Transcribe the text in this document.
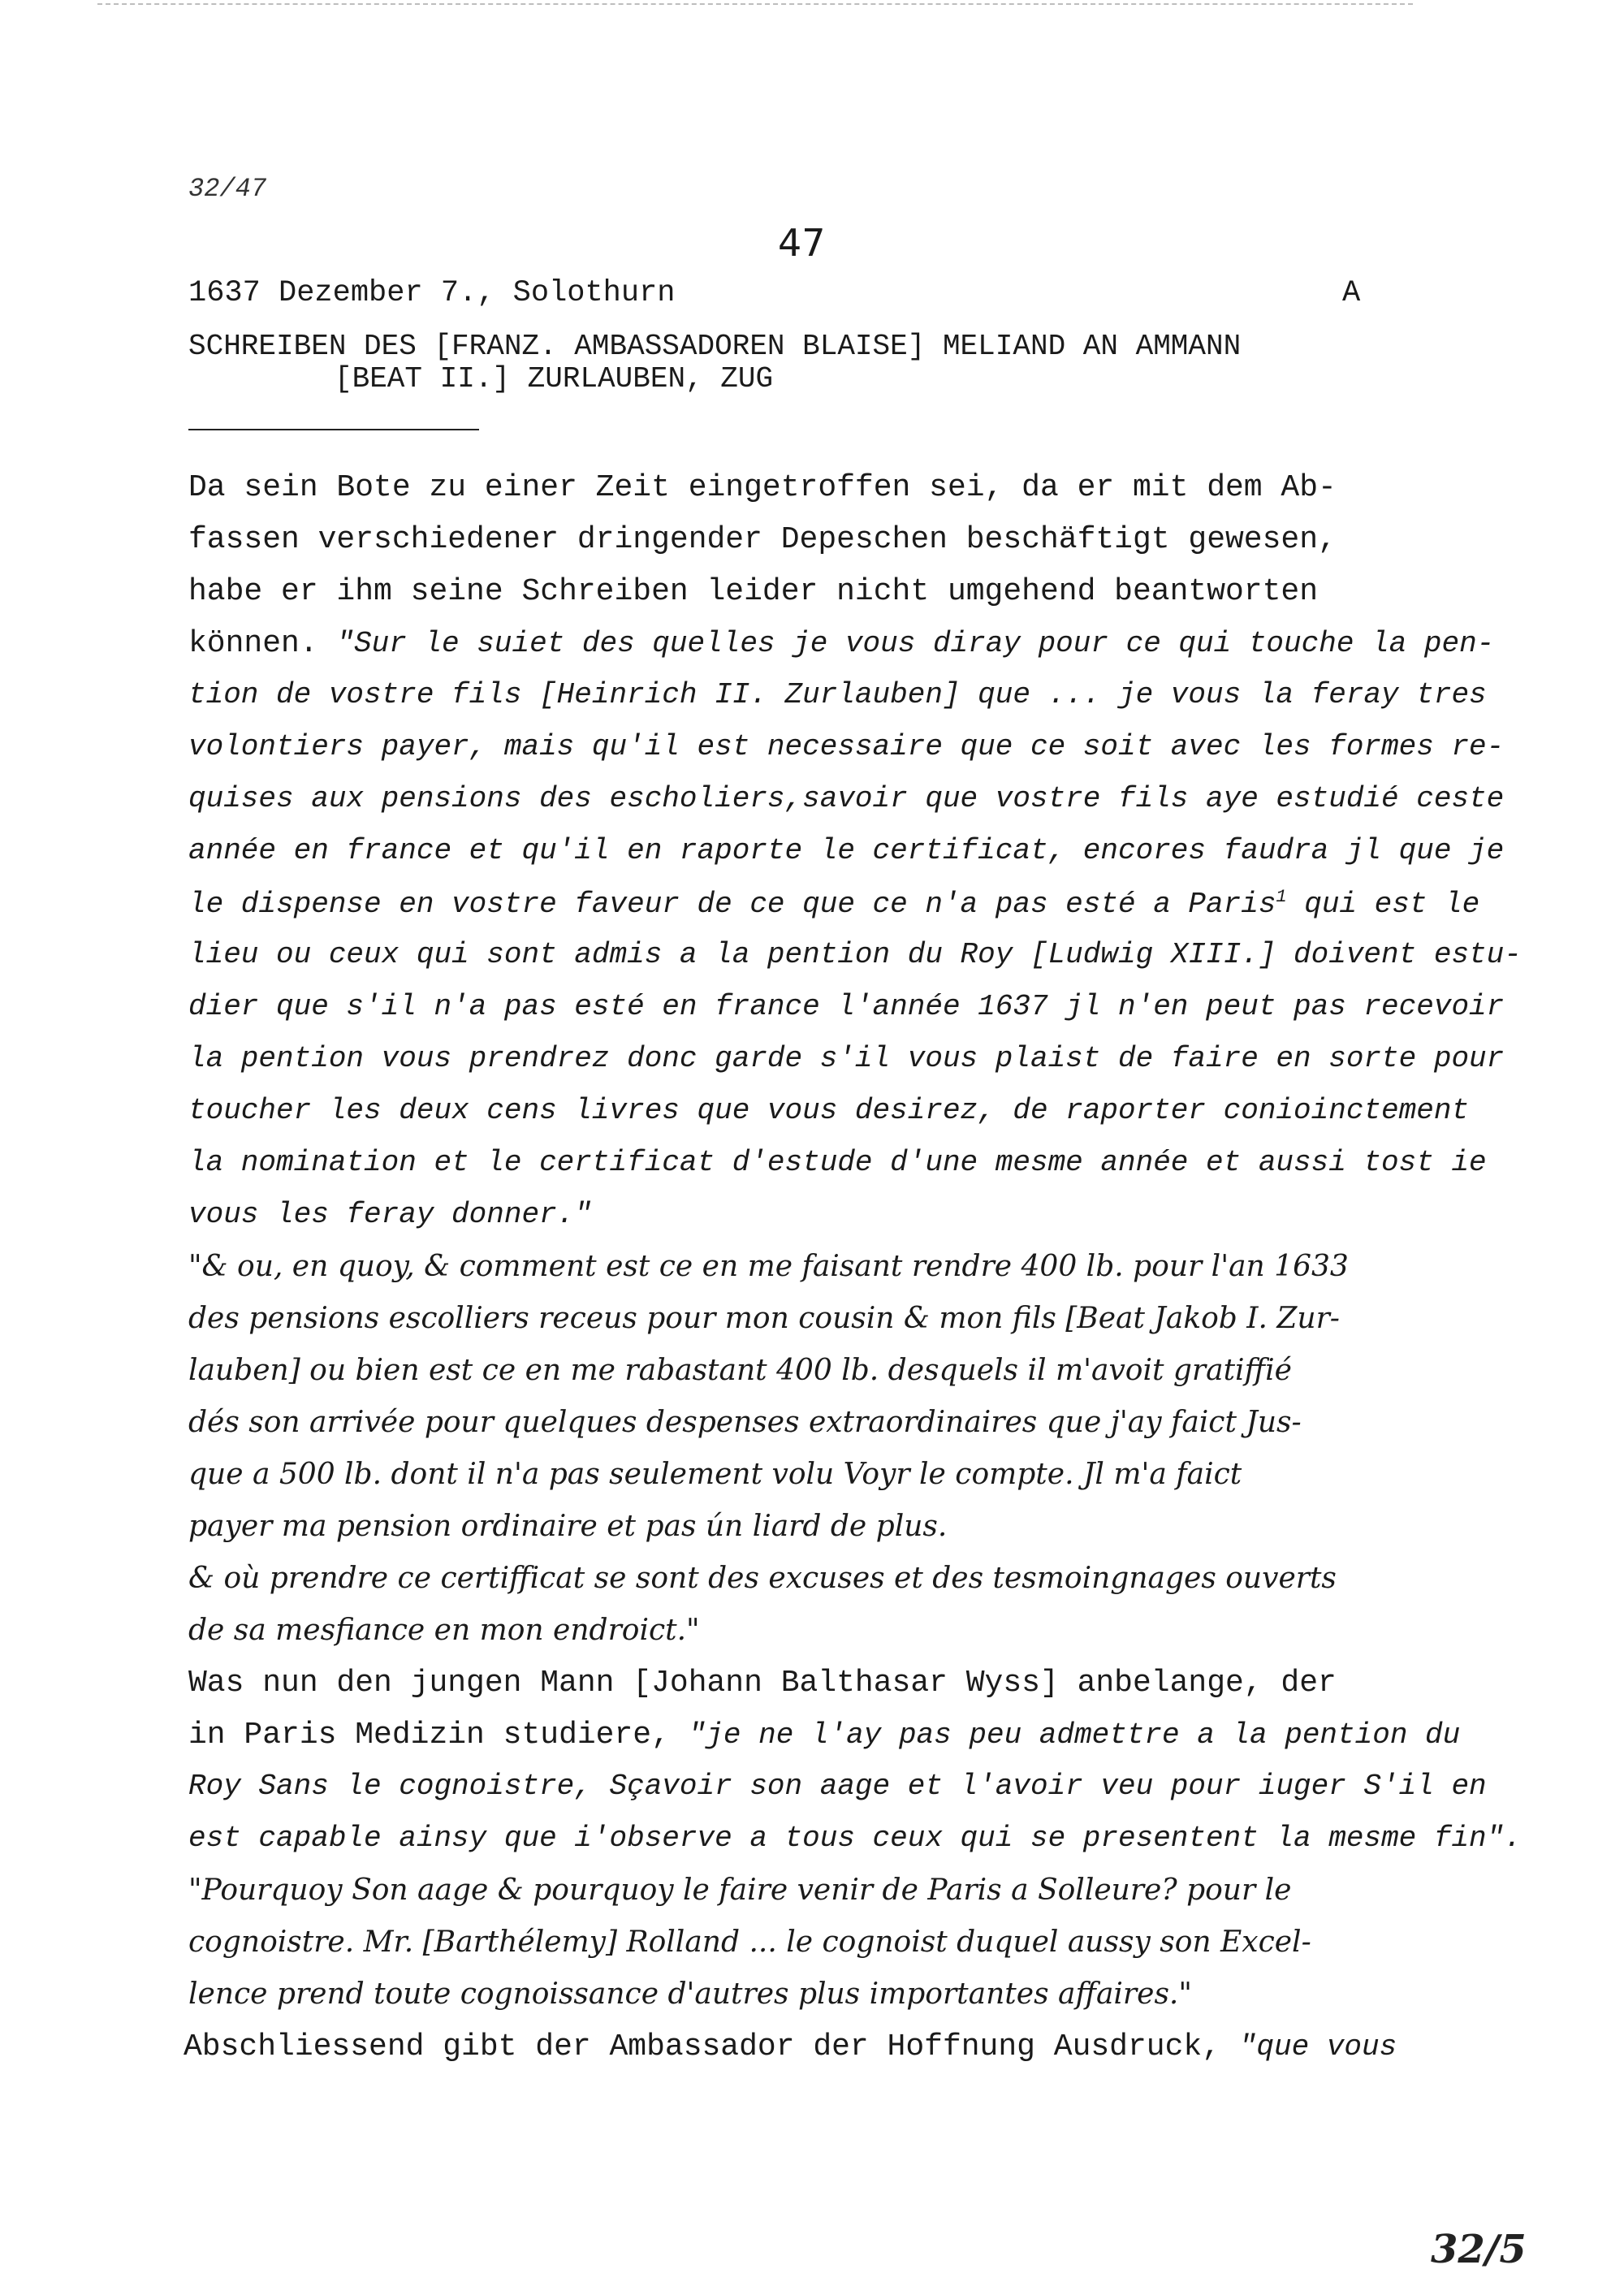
32/47
47
1637 Dezember 7., Solothurn	A
SCHREIBEN DES [FRANZ. AMBASSADOREN BLAISE] MELIAND AN AMMANN
[BEAT II.] ZURLAUBEN, ZUG
Da sein Bote zu einer Zeit eingetroffen sei, da er mit dem Ab-
fassen verschiedener dringender Depeschen beschäftigt gewesen,
habe er ihm seine Schreiben leider nicht umgehend beantworten
können. "Sur le suiet des quelles je vous diray pour ce qui touche la pen-
tion de vostre fils [Heinrich II. Zurlauben] que ... je vous la feray tres
volontiers payer, mais qu'il est necessaire que ce soit avec les formes re-
quises aux pensions des escholiers,savoir que vostre fils aye estudié ceste
année en france et qu'il en raporte le certificat, encores faudra jl que je
le dispense en vostre faveur de ce que ce n'a pas esté a Paris$^1$ qui est le
lieu ou ceux qui sont admis a la pention du Roy [Ludwig XIII.] doivent estu-
dier que s'il n'a pas esté en france l'année 1637 jl n'en peut pas recevoir
la pention vous prendrez donc garde s'il vous plaist de faire en sorte pour
toucher les deux cens livres que vous desirez, de raporter conioinctement
la nomination et le certificat d'estude d'une mesme année et aussi tost ie
vous les feray donner."
"& ou, en quoy, & comment est ce en me faisant rendre 400 lb. pour l'an 1633
des pensions escolliers receus pour mon cousin & mon fils [Beat Jakob I. Zur-
lauben] ou bien est ce en me rabastant 400 lb. desquels il m'avoit gratiffié
dés son arrivée pour quelques despenses extraordinaires que j'ay faict Jus-
que a 500 lb. dont il n'a pas seulement volu Voyr le compte. Jl m'a faict
payer ma pension ordinaire et pas ún liard de plus.
& où prendre ce certifficat se sont des excuses et des tesmoingnages ouverts
de sa mesfiance en mon endroict."
Was nun den jungen Mann [Johann Balthasar Wyss] anbelange, der
in Paris Medizin studiere, "je ne l'ay pas peu admettre a la pention du
Roy Sans le cognoistre, Sçavoir son aage et l'avoir veu pour iuger S'il en
est capable ainsy que i'observe a tous ceux qui se presentent la mesme fin".
"Pourquoy Son aage & pourquoy le faire venir de Paris a Solleure? pour le
cognoistre. Mr. [Barthélemy] Rolland ... le cognoist duquel aussy son Excel-
lence prend toute cognoissance d'autres plus importantes affaires."
Abschliessend gibt der Ambassador der Hoffnung Ausdruck, "que vous
32/5
